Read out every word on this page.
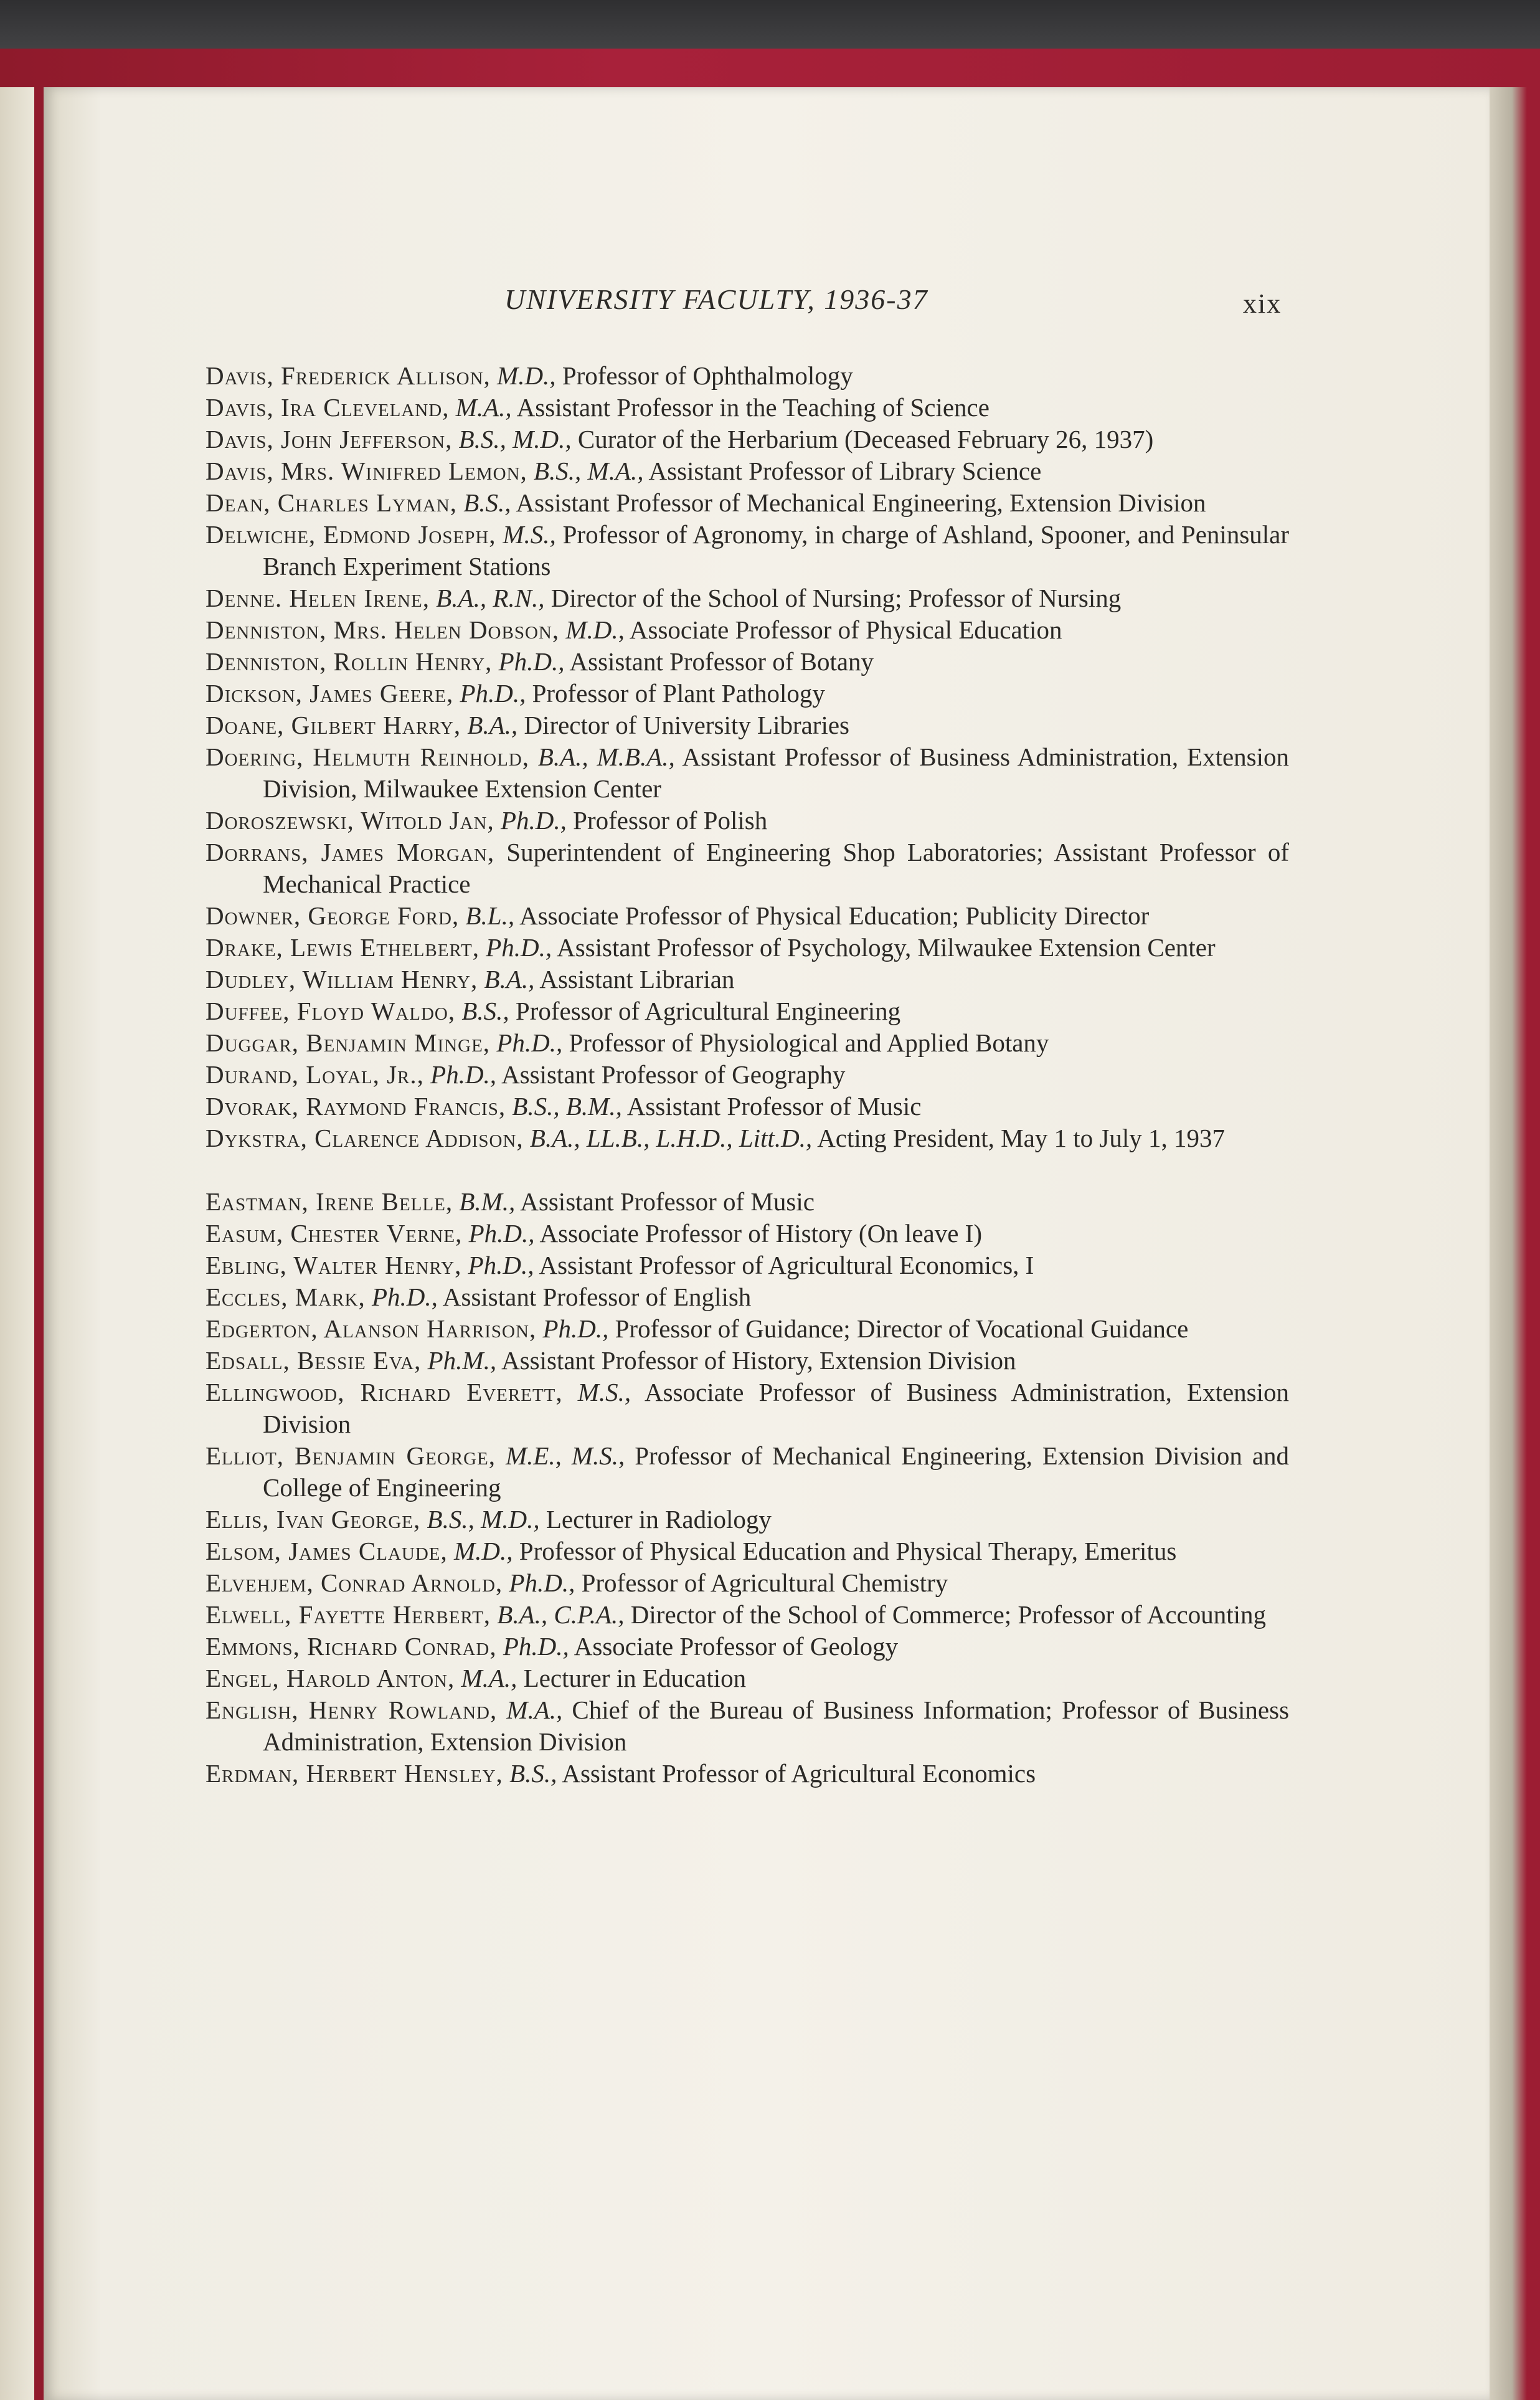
UNIVERSITY FACULTY, 1936-37	xix
Davis, Frederick Allison, M.D., Professor of Ophthalmology
Davis, Ira Cleveland, M.A., Assistant Professor in the Teaching of Science
Davis, John Jefferson, B.S., M.D., Curator of the Herbarium (Deceased February 26, 1937)
Davis, Mrs. Winifred Lemon, B.S., M.A., Assistant Professor of Library Science
Dean, Charles Lyman, B.S., Assistant Professor of Mechanical Engineering, Extension Division
Delwiche, Edmond Joseph, M.S., Professor of Agronomy, in charge of Ashland, Spooner, and Peninsular Branch Experiment Stations
Denne. Helen Irene, B.A., R.N., Director of the School of Nursing; Professor of Nursing
Denniston, Mrs. Helen Dobson, M.D., Associate Professor of Physical Education
Denniston, Rollin Henry, Ph.D., Assistant Professor of Botany
Dickson, James Geere, Ph.D., Professor of Plant Pathology
Doane, Gilbert Harry, B.A., Director of University Libraries
Doering, Helmuth Reinhold, B.A., M.B.A., Assistant Professor of Business Administration, Extension Division, Milwaukee Extension Center
Doroszewski, Witold Jan, Ph.D., Professor of Polish
Dorrans, James Morgan, Superintendent of Engineering Shop Laboratories; Assistant Professor of Mechanical Practice
Downer, George Ford, B.L., Associate Professor of Physical Education; Publicity Director
Drake, Lewis Ethelbert, Ph.D., Assistant Professor of Psychology, Milwaukee Extension Center
Dudley, William Henry, B.A., Assistant Librarian
Duffee, Floyd Waldo, B.S., Professor of Agricultural Engineering
Duggar, Benjamin Minge, Ph.D., Professor of Physiological and Applied Botany
Durand, Loyal, Jr., Ph.D., Assistant Professor of Geography
Dvorak, Raymond Francis, B.S., B.M., Assistant Professor of Music
Dykstra, Clarence Addison, B.A., LL.B., L.H.D., Litt.D., Acting President, May 1 to July 1, 1937
Eastman, Irene Belle, B.M., Assistant Professor of Music
Easum, Chester Verne, Ph.D., Associate Professor of History (On leave I)
Ebling, Walter Henry, Ph.D., Assistant Professor of Agricultural Economics, I
Eccles, Mark, Ph.D., Assistant Professor of English
Edgerton, Alanson Harrison, Ph.D., Professor of Guidance; Director of Vocational Guidance
Edsall, Bessie Eva, Ph.M., Assistant Professor of History, Extension Division
Ellingwood, Richard Everett, M.S., Associate Professor of Business Administration, Extension Division
Elliot, Benjamin George, M.E., M.S., Professor of Mechanical Engineering, Extension Division and College of Engineering
Ellis, Ivan George, B.S., M.D., Lecturer in Radiology
Elsom, James Claude, M.D., Professor of Physical Education and Physical Therapy, Emeritus
Elvehjem, Conrad Arnold, Ph.D., Professor of Agricultural Chemistry
Elwell, Fayette Herbert, B.A., C.P.A., Director of the School of Commerce; Professor of Accounting
Emmons, Richard Conrad, Ph.D., Associate Professor of Geology
Engel, Harold Anton, M.A., Lecturer in Education
English, Henry Rowland, M.A., Chief of the Bureau of Business Information; Professor of Business Administration, Extension Division
Erdman, Herbert Hensley, B.S., Assistant Professor of Agricultural Economics
